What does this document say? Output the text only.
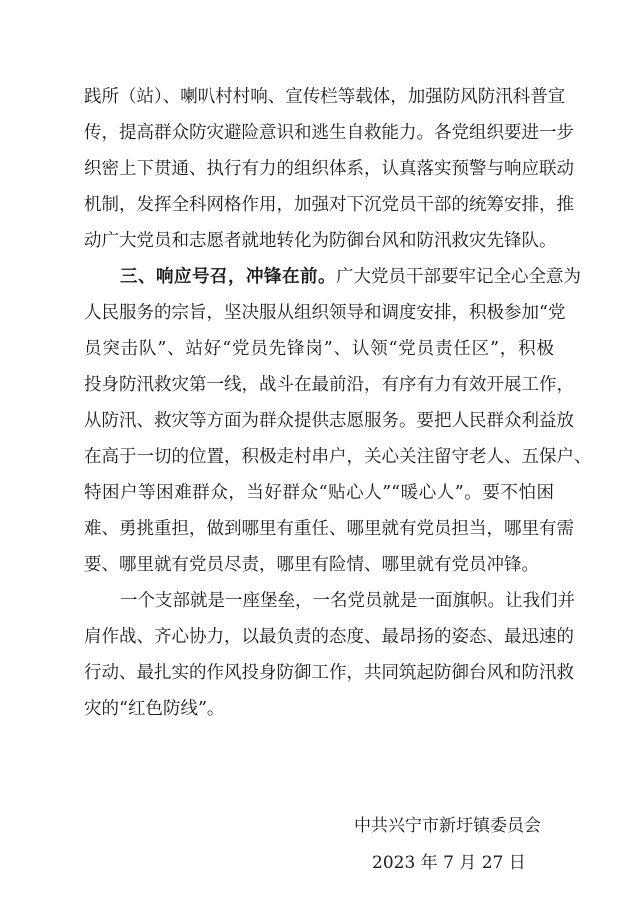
践所（站）、喇叭村村响、宣传栏等载体，加强防风防汛科普宣
传，提高群众防灾避险意识和逃生自救能力。各党组织要进一步
织密上下贯通、执行有力的组织体系，认真落实预警与响应联动
机制，发挥全科网格作用，加强对下沉党员干部的统筹安排，推
动广大党员和志愿者就地转化为防御台风和防汛救灾先锋队。
三、响应号召，冲锋在前。广大党员干部要牢记全心全意为
人民服务的宗旨，坚决服从组织领导和调度安排，积极参加“党
员突击队”、站好“党员先锋岗”、认领“党员责任区”，积极
投身防汛救灾第一线，战斗在最前沿，有序有力有效开展工作，
从防汛、救灾等方面为群众提供志愿服务。要把人民群众利益放
在高于一切的位置，积极走村串户，关心关注留守老人、五保户、
特困户等困难群众，当好群众“贴心人”“暖心人”。要不怕困
难、勇挑重担，做到哪里有重任、哪里就有党员担当，哪里有需
要、哪里就有党员尽责，哪里有险情、哪里就有党员冲锋。
一个支部就是一座堡垒，一名党员就是一面旗帜。让我们并
肩作战、齐心协力，以最负责的态度、最昂扬的姿态、最迅速的
行动、最扎实的作风投身防御工作，共同筑起防御台风和防汛救
灾的“红色防线”。
中共兴宁市新圩镇委员会
2023 年 7 月 27 日
